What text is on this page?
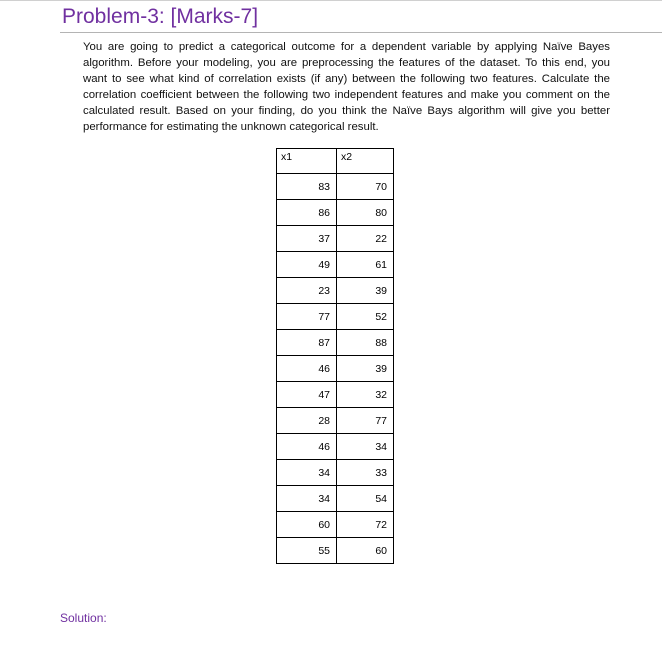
Problem-3: [Marks-7]
You are going to predict a categorical outcome for a dependent variable by applying Naïve Bayes algorithm. Before your modeling, you are preprocessing the features of the dataset. To this end, you want to see what kind of correlation exists (if any) between the following two features. Calculate the correlation coefficient between the following two independent features and make you comment on the calculated result. Based on your finding, do you think the Naïve Bays algorithm will give you better performance for estimating the unknown categorical result.
x1	x2
83	70
86	80
37	22
49	61
23	39
77	52
87	88
46	39
47	32
28	77
46	34
34	33
34	54
60	72
55	60
Solution:
